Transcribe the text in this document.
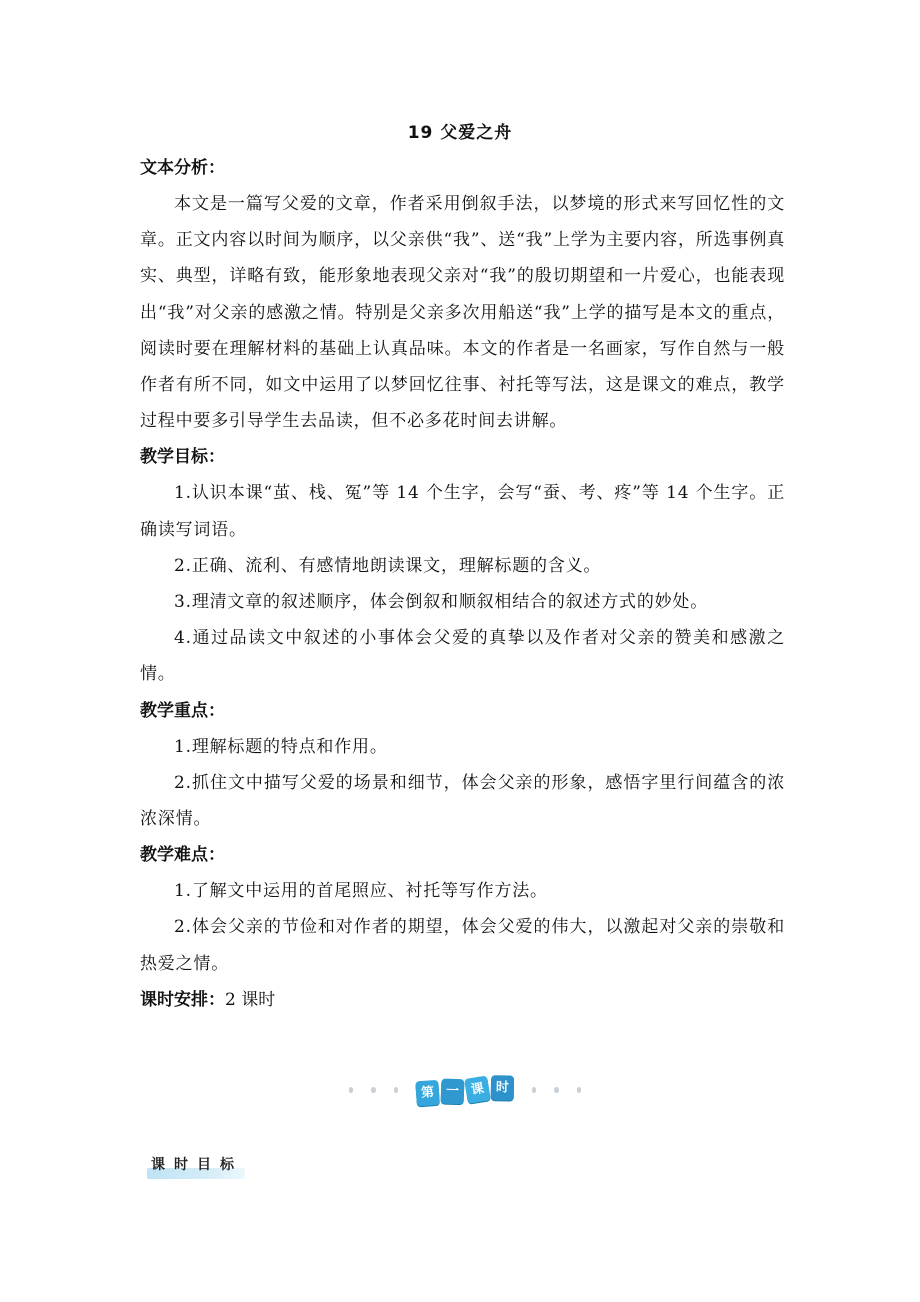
19 父爱之舟

文本分析：

本文是一篇写父爱的文章，作者采用倒叙手法，以梦境的形式来写回忆性的文章。正文内容以时间为顺序，以父亲供“我”、送“我”上学为主要内容，所选事例真实、典型，详略有致，能形象地表现父亲对“我”的殷切期望和一片爱心，也能表现出“我”对父亲的感激之情。特别是父亲多次用船送“我”上学的描写是本文的重点，阅读时要在理解材料的基础上认真品味。本文的作者是一名画家，写作自然与一般作者有所不同，如文中运用了以梦回忆往事、衬托等写法，这是课文的难点，教学过程中要多引导学生去品读，但不必多花时间去讲解。

教学目标：

1.认识本课“茧、栈、冤”等 14 个生字，会写“蚕、考、疼”等 14 个生字。正确读写词语。

2.正确、流利、有感情地朗读课文，理解标题的含义。

3.理清文章的叙述顺序，体会倒叙和顺叙相结合的叙述方式的妙处。

4.通过品读文中叙述的小事体会父爱的真挚以及作者对父亲的赞美和感激之情。

教学重点：

1.理解标题的特点和作用。

2.抓住文中描写父爱的场景和细节，体会父亲的形象，感悟字里行间蕴含的浓浓深情。

教学难点：

1.了解文中运用的首尾照应、衬托等写作方法。

2.体会父亲的节俭和对作者的期望，体会父爱的伟大，以激起对父亲的崇敬和热爱之情。

课时安排：2 课时

第 一 课 时
课时目标
